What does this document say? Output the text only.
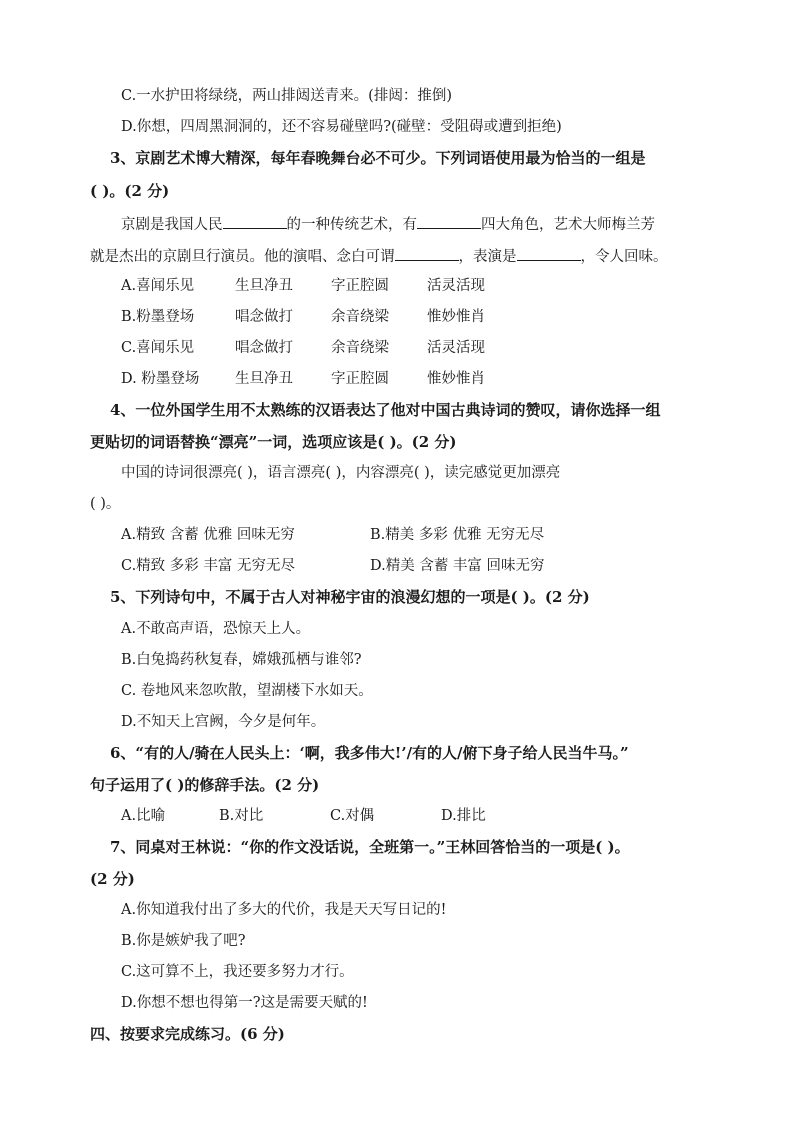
C.一水护田将绿绕，两山排闼送青来。(排闼：推倒)
D.你想，四周黑洞洞的，还不容易碰壁吗?(碰壁：受阻碍或遭到拒绝)
3、京剧艺术博大精深，每年春晚舞台必不可少。下列词语使用最为恰当的一组是
( )。(2 分)
京剧是我国人民	的一种传统艺术，有	四大角色，艺术大师梅兰芳
就是杰出的京剧旦行演员。他的演唱、念白可谓	，表演是	，令人回味。
A.喜闻乐见	生旦净丑	字正腔圆	活灵活现
B.粉墨登场	唱念做打	余音绕梁	惟妙惟肖
C.喜闻乐见	唱念做打	余音绕梁	活灵活现
D. 粉墨登场 生旦净丑	字正腔圆	惟妙惟肖
4、一位外国学生用不太熟练的汉语表达了他对中国古典诗词的赞叹，请你选择一组
更贴切的词语替换“漂亮”一词，选项应该是( )。(2 分)
中国的诗词很漂亮( )，语言漂亮( )，内容漂亮( )，读完感觉更加漂亮
( )。
A.精致 含蓄 优雅 回味无穷	B.精美 多彩 优雅 无穷无尽
C.精致 多彩 丰富 无穷无尽	D.精美 含蓄 丰富 回味无穷
5、下列诗句中，不属于古人对神秘宇宙的浪漫幻想的一项是( )。(2 分)
A.不敢高声语，恐惊天上人。
B.白兔捣药秋复春，嫦娥孤栖与谁邻?
C. 卷地风来忽吹散，望湖楼下水如天。
D.不知天上宫阙，今夕是何年。
6、“有的人/骑在人民头上：‘啊，我多伟大!’/有的人/俯下身子给人民当牛马。”
句子运用了( )的修辞手法。(2 分)
A.比喻	B.对比	C.对偶	D.排比
7、同桌对王林说：“你的作文没话说，全班第一。”王林回答恰当的一项是( )。
(2 分)
A.你知道我付出了多大的代价，我是天天写日记的!
B.你是嫉妒我了吧?
C.这可算不上，我还要多努力才行。
D.你想不想也得第一?这是需要天赋的!
四、按要求完成练习。(6 分)
